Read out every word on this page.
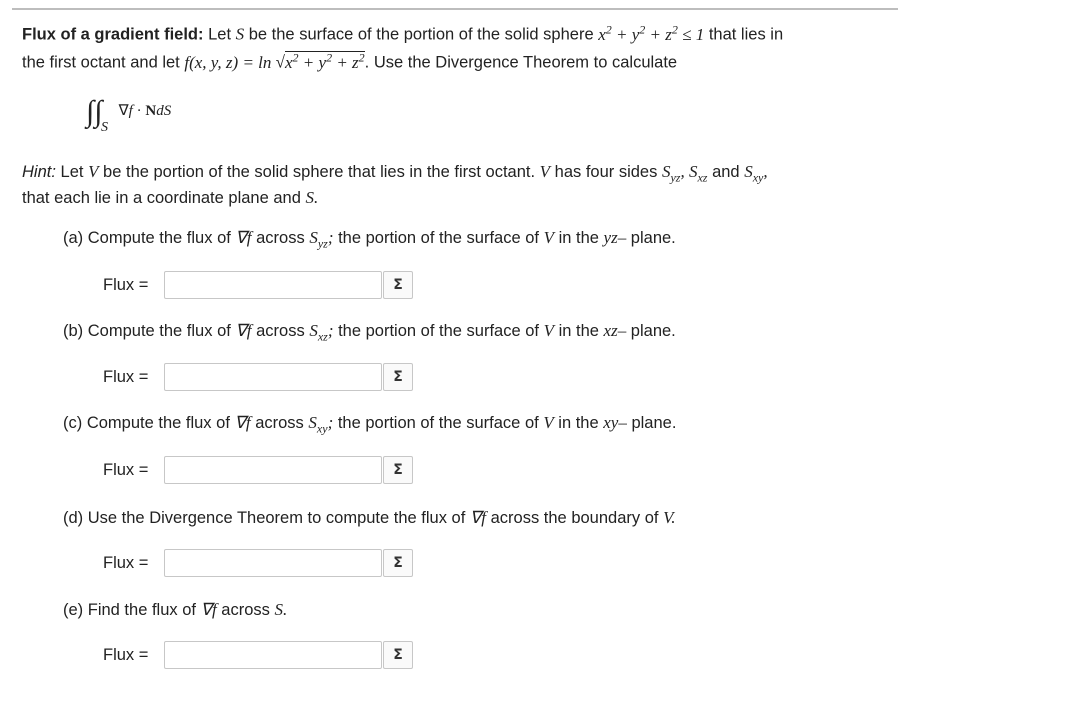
Flux of a gradient field: Let S be the surface of the portion of the solid sphere $x^2 + y^2 + z^2 \le 1$ that lies in
the first octant and let f(x, y, $z) = \ln √x^2 + y^2 + z^2$. Use the Divergence Theorem to calculate
∫∫ $_S$ ∇f · NdS
Hint: Let V be the portion of the solid sphere that lies in the first octant. V has four sides $S_{yz}$, $S_{xz}$ and $S_{xy}$,
that each lie in a coordinate plane and S.
(a) Compute the flux of ∇f across $S_{yz}$; the portion of the surface of V in the yz– plane.
Flux =	Σ
(b) Compute the flux of ∇f across $S_{xz}$; the portion of the surface of V in the xz– plane.
Flux =	Σ
(c) Compute the flux of ∇f across $S_{xy}$; the portion of the surface of V in the xy– plane.
Flux =	Σ
(d) Use the Divergence Theorem to compute the flux of ∇f across the boundary of V.
Flux =	Σ
(e) Find the flux of ∇f across S.
Flux =	Σ
